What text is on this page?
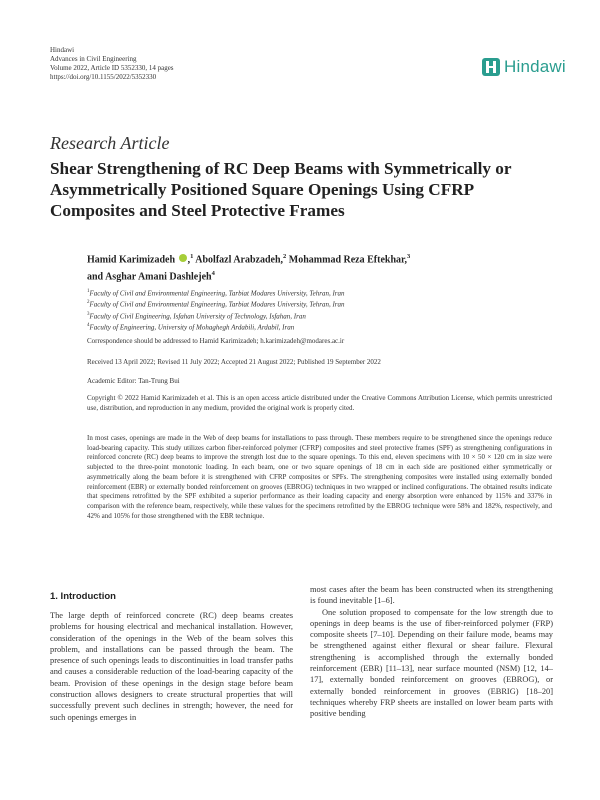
Hindawi
Advances in Civil Engineering
Volume 2022, Article ID 5352330, 14 pages
https://doi.org/10.1155/2022/5352330
Hindawi
Research Article
Shear Strengthening of RC Deep Beams with Symmetrically or Asymmetrically Positioned Square Openings Using CFRP Composites and Steel Protective Frames
Hamid Karimizadeh ,$^1$ Abolfazl Arabzadeh,$^2$ Mohammad Reza Eftekhar,$^3$
and Asghar Amani Dashlejeh$^4$
$^1$Faculty of Civil and Environmental Engineering, Tarbiat Modares University, Tehran, Iran
$^2$Faculty of Civil and Environmental Engineering, Tarbiat Modares University, Tehran, Iran
$^3$Faculty of Civil Engineering, Isfahan University of Technology, Isfahan, Iran
$^4$Faculty of Engineering, University of Mohaghegh Ardabili, Ardabil, Iran
Correspondence should be addressed to Hamid Karimizadeh; h.karimizadeh@modares.ac.ir
Received 13 April 2022; Revised 11 July 2022; Accepted 21 August 2022; Published 19 September 2022
Academic Editor: Tan-Trung Bui
Copyright © 2022 Hamid Karimizadeh et al. This is an open access article distributed under the Creative Commons Attribution License, which permits unrestricted use, distribution, and reproduction in any medium, provided the original work is properly cited.
In most cases, openings are made in the Web of deep beams for installations to pass through. These members require to be strengthened since the openings reduce load-bearing capacity. This study utilizes carbon fiber-reinforced polymer (CFRP) composites and steel protective frames (SPF) as strengthening configurations in reinforced concrete (RC) deep beams to improve the strength lost due to the square openings. To this end, eleven specimens with 10 × 50 × 120 cm in size were subjected to the three-point monotonic loading. In each beam, one or two square openings of 18 cm in each side are positioned either symmetrically or asymmetrically along the beam before it is strengthened with CFRP composites or SPFs. The strengthening composites were installed using externally bonded reinforcement (EBR) or externally bonded reinforcement on grooves (EBROG) techniques in two wrapped or inclined configurations. The obtained results indicate that specimens retrofitted by the SPF exhibited a superior performance as their loading capacity and energy absorption were enhanced by 115% and 337% in comparison with the reference beam, respectively, while these values for the specimens retrofitted by the EBROG technique were 58% and 182%, respectively, and 42% and 105% for those strengthened with the EBR technique.
1. Introduction

The large depth of reinforced concrete (RC) deep beams creates problems for housing electrical and mechanical installation. However, consideration of the openings in the Web of the beam solves this problem, and installations can be passed through the beam. The presence of such openings leads to discontinuities in load transfer paths and causes a considerable reduction of the load-bearing capacity of the beam. Provision of these openings in the design stage before beam construction allows designers to create structural properties that will successfully prevent such declines in strength; however, the need for such openings emerges in

most cases after the beam has been constructed when its strengthening is found inevitable [1–6].

One solution proposed to compensate for the low strength due to openings in deep beams is the use of fiber-reinforced polymer (FRP) composite sheets [7–10]. Depending on their failure mode, beams may be strengthened against either flexural or shear failure. Flexural strengthening is accomplished through the externally bonded reinforcement (EBR) [11–13], near surface mounted (NSM) [12, 14–17], externally bonded reinforcement on grooves (EBROG), or externally bonded reinforcement in grooves (EBRIG) [18–20] techniques whereby FRP sheets are installed on lower beam parts with positive bending
